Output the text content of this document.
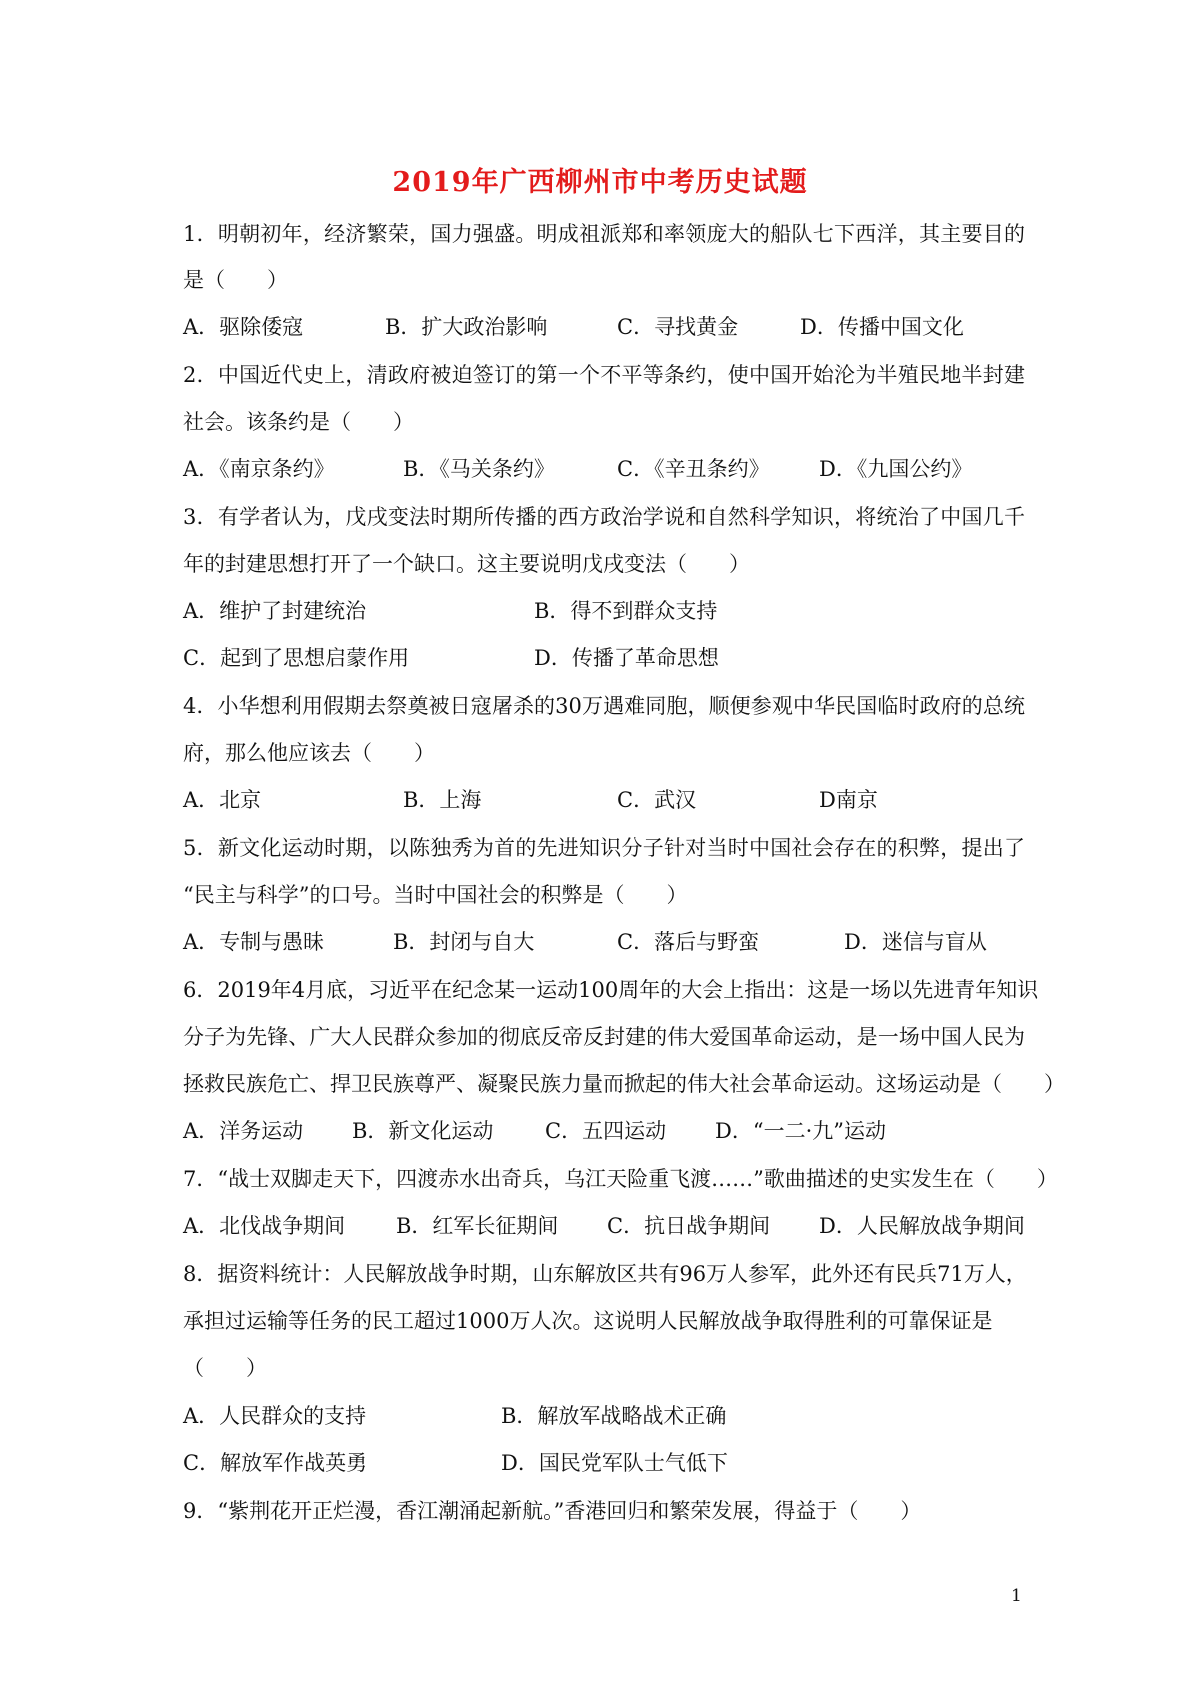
2019年广西柳州市中考历史试题
1．明朝初年，经济繁荣，国力强盛。明成祖派郑和率领庞大的船队七下西洋，其主要目的
是（　　）
A．驱除倭寇	B．扩大政治影响	C．寻找黄金	D．传播中国文化
2．中国近代史上，清政府被迫签订的第一个不平等条约，使中国开始沦为半殖民地半封建
社会。该条约是（　　）
A．《南京条约》	B．《马关条约》	C．《辛丑条约》 D．《九国公约》
3．有学者认为，戊戌变法时期所传播的西方政治学说和自然科学知识，将统治了中国几千
年的封建思想打开了一个缺口。这主要说明戊戌变法（　　）
A．维护了封建统治	B．得不到群众支持
C．起到了思想启蒙作用	D．传播了革命思想
4．小华想利用假期去祭奠被日寇屠杀的30万遇难同胞，顺便参观中华民国临时政府的总统
府，那么他应该去（　　）
A．北京	B．上海	C．武汉	D南京
5．新文化运动时期，以陈独秀为首的先进知识分子针对当时中国社会存在的积弊，提出了
“民主与科学”的口号。当时中国社会的积弊是（　　）
A．专制与愚昧	B．封闭与自大	C．落后与野蛮	D．迷信与盲从
6．2019年4月底，习近平在纪念某一运动100周年的大会上指出：这是一场以先进青年知识
分子为先锋、广大人民群众参加的彻底反帝反封建的伟大爱国革命运动，是一场中国人民为
拯救民族危亡、捍卫民族尊严、凝聚民族力量而掀起的伟大社会革命运动。这场运动是（　　）
A．洋务运动 B．新文化运动 C．五四运动 D．“一二·九”运动
7．“战士双脚走天下，四渡赤水出奇兵，乌江天险重飞渡……”歌曲描述的史实发生在（　　）
A．北伐战争期间 B．红军长征期间 C．抗日战争期间 D．人民解放战争期间
8．据资料统计：人民解放战争时期，山东解放区共有96万人参军，此外还有民兵71万人，
承担过运输等任务的民工超过1000万人次。这说明人民解放战争取得胜利的可靠保证是
（　　）
A．人民群众的支持	B．解放军战略战术正确
C．解放军作战英勇	D．国民党军队士气低下
9．“紫荆花开正烂漫，香江潮涌起新航。”香港回归和繁荣发展，得益于（　　）
1
